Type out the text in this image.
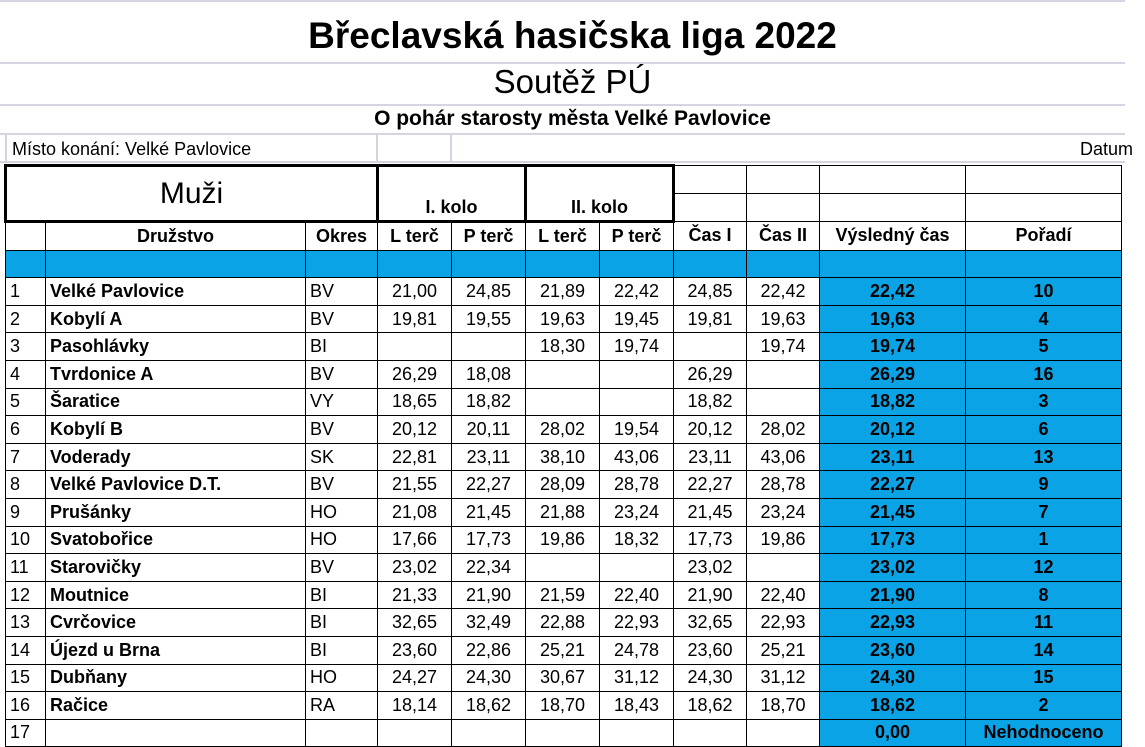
Břeclavská hasičska liga 2022
Soutěž PÚ
O pohár starosty města Velké Pavlovice
Místo konání: Velké Pavlovice	Datum
Muži			I. kolo		II. kolo					

	Družstvo	Okres	L terč	P terč	L terč	P terč	Čas I	Čas II	Výsledný čas	Pořadí

1	Velké Pavlovice	BV	21,00	24,85	21,89	22,42	24,85	22,42	22,42	10
2	Kobylí A	BV	19,81	19,55	19,63	19,45	19,81	19,63	19,63	4
3	Pasohlávky	BI			18,30	19,74		19,74	19,74	5
4	Tvrdonice A	BV	26,29	18,08			26,29		26,29	16
5	Šaratice	VY	18,65	18,82			18,82		18,82	3
6	Kobylí B	BV	20,12	20,11	28,02	19,54	20,12	28,02	20,12	6
7	Voderady	SK	22,81	23,11	38,10	43,06	23,11	43,06	23,11	13
8	Velké Pavlovice D.T.	BV	21,55	22,27	28,09	28,78	22,27	28,78	22,27	9
9	Prušánky	HO	21,08	21,45	21,88	23,24	21,45	23,24	21,45	7
10	Svatobořice	HO	17,66	17,73	19,86	18,32	17,73	19,86	17,73	1
11	Starovičky	BV	23,02	22,34			23,02		23,02	12
12	Moutnice	BI	21,33	21,90	21,59	22,40	21,90	22,40	21,90	8
13	Cvrčovice	BI	32,65	32,49	22,88	22,93	32,65	22,93	22,93	11
14	Újezd u Brna	BI	23,60	22,86	25,21	24,78	23,60	25,21	23,60	14
15	Dubňany	HO	24,27	24,30	30,67	31,12	24,30	31,12	24,30	15
16	Račice	RA	18,14	18,62	18,70	18,43	18,62	18,70	18,62	2
17									0,00	Nehodnoceno
